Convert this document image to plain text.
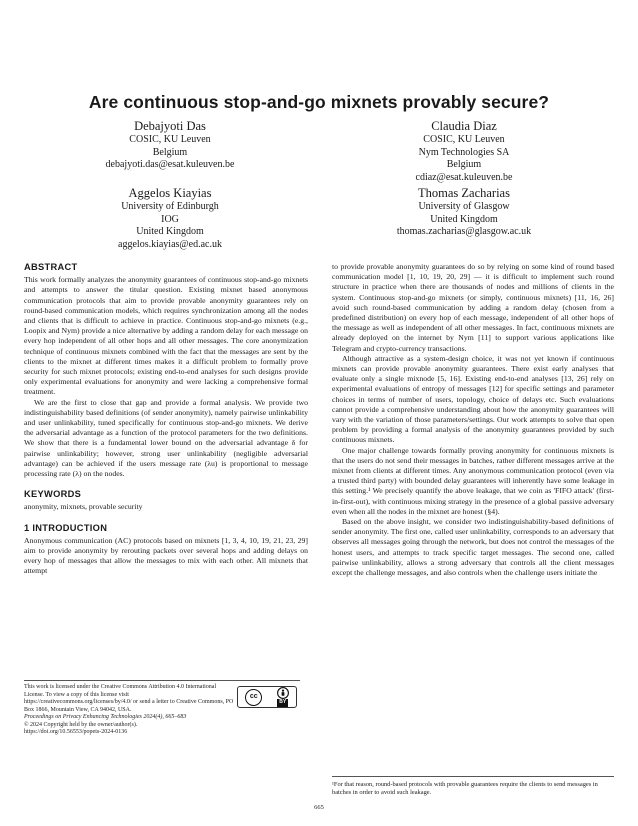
Are continuous stop-and-go mixnets provably secure?
Debajyoti Das
COSIC, KU Leuven
Belgium
debajyoti.das@esat.kuleuven.be
Claudia Diaz
COSIC, KU Leuven
Nym Technologies SA
Belgium
cdiaz@esat.kuleuven.be
Aggelos Kiayias
University of Edinburgh
IOG
United Kingdom
aggelos.kiayias@ed.ac.uk
Thomas Zacharias
University of Glasgow
United Kingdom
thomas.zacharias@glasgow.ac.uk
ABSTRACT

This work formally analyzes the anonymity guarantees of continuous stop-and-go mixnets and attempts to answer the titular question. Existing mixnet based anonymous communication protocols that aim to provide provable anonymity guarantees rely on round-based communication models, which requires synchronization among all the nodes and clients that is difficult to achieve in practice. Continuous stop-and-go mixnets (e.g., Loopix and Nym) provide a nice alternative by adding a random delay for each message on every hop independent of all other hops and all other messages. The core anonymization technique of continuous mixnets combined with the fact that the messages are sent by the clients to the mixnet at different times makes it a difficult problem to formally prove security for such mixnet protocols; existing end-to-end analyses for such designs provide only experimental evaluations for anonymity and were lacking a comprehensive formal treatment.

We are the first to close that gap and provide a formal analysis. We provide two indistinguishability based definitions (of sender anonymity), namely pairwise unlinkability and user unlinkability, tuned specifically for continuous stop-and-go mixnets. We derive the adversarial advantage as a function of the protocol parameters for the two definitions. We show that there is a fundamental lower bound on the adversarial advantage δ for pairwise unlinkability; however, strong user unlinkability (negligible adversarial advantage) can be achieved if the users message rate (λu) is proportional to message processing rate (λ) on the nodes.

KEYWORDS

anonymity, mixnets, provable security

1 INTRODUCTION

Anonymous communication (AC) protocols based on mixnets [1, 3, 4, 10, 19, 21, 23, 29] aim to provide anonymity by rerouting packets over several hops and adding delays on every hop of messages that allow the messages to mix with each other. All mixnets that attempt

This work is licensed under the Creative Commons Attribution 4.0 International License. To view a copy of this license visit https://creativecommons.org/licenses/by/4.0/ or send a letter to Creative Commons, PO Box 1866, Mountain View, CA 94042, USA.
Proceedings on Privacy Enhancing Technologies 2024(4), 665–683
© 2024 Copyright held by the owner/author(s).
https://doi.org/10.56553/popets-2024-0136
cc
BY

to provide provable anonymity guarantees do so by relying on some kind of round based communication model [1, 10, 19, 20, 29] — it is difficult to implement such round structure in practice when there are thousands of nodes and millions of clients in the system. Continuous stop-and-go mixnets (or simply, continuous mixnets) [11, 16, 26] avoid such round-based communication by adding a random delay (chosen from a predefined distribution) on every hop of each message, independent of all other hops of the message as well as independent of all other messages. In fact, continuous mixnets are already deployed on the internet by Nym [11] to support various applications like Telegram and crypto-currency transactions.

Although attractive as a system-design choice, it was not yet known if continuous mixnets can provide provable anonymity guarantees. There exist early analyses that evaluate only a single mixnode [5, 16]. Existing end-to-end analyses [13, 26] rely on experimental evaluations of entropy of messages [12] for specific settings and parameter choices in terms of number of users, topology, choice of delays etc. Such evaluations cannot provide a comprehensive understanding about how the anonymity guarantees will vary with the variation of those parameters/settings. Our work attempts to solve that open problem by providing a formal analysis of the anonymity guarantees provided by such continuous mixnets.

One major challenge towards formally proving anonymity for continuous mixnets is that the users do not send their messages in batches, rather different messages arrive at the mixnet from clients at different times. Any anonymous communication protocol (even via a trusted third party) with bounded delay guarantees will inherently have some leakage in this setting.¹ We precisely quantify the above leakage, that we coin as 'FIFO attack' (first-in-first-out), with continuous mixing strategy in the presence of a global passive adversary even when all the nodes in the mixnet are honest (§4).

Based on the above insight, we consider two indistinguishability-based definitions of sender anonymity. The first one, called user unlinkability, corresponds to an adversary that observes all messages going through the network, but does not control the messages of the honest users, and attempts to track specific target messages. The second one, called pairwise unlinkability, allows a strong adversary that controls all the client messages except the challenge messages, and also controls when the challenge users initiate the

¹For that reason, round-based protocols with provable guarantees require the clients to send messages in batches in order to avoid such leakage.
665
